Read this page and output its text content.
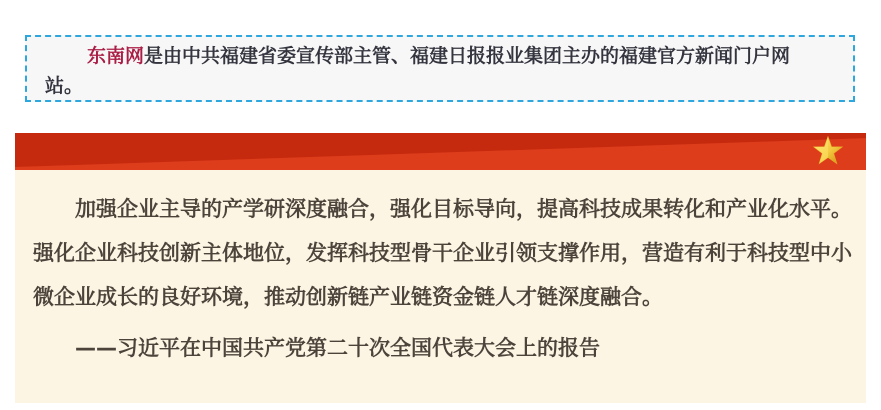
东南网是由中共福建省委宣传部主管、福建日报报业集团主办的福建官方新闻门户网站。

加强企业主导的产学研深度融合，强化目标导向，提高科技成果转化和产业化水平。强化企业科技创新主体地位，发挥科技型骨干企业引领支撑作用，营造有利于科技型中小微企业成长的良好环境，推动创新链产业链资金链人才链深度融合。

——习近平在中国共产党第二十次全国代表大会上的报告
